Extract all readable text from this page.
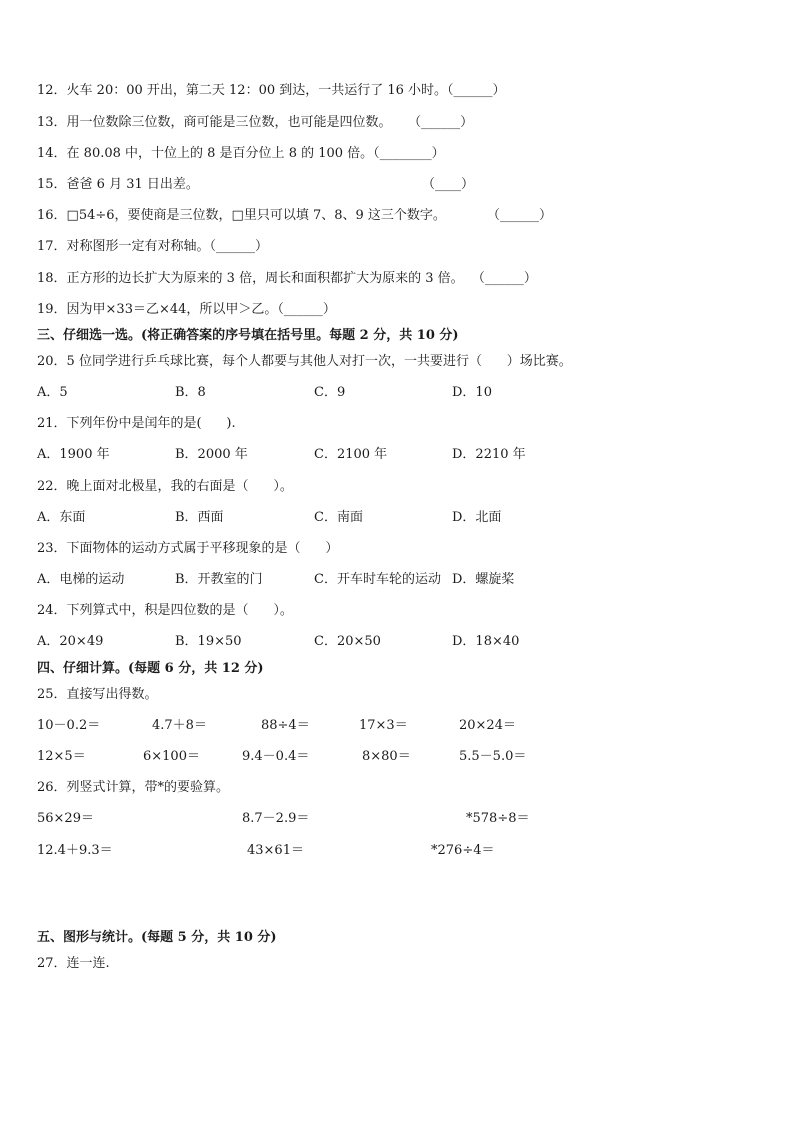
12．火车 20：00 开出，第二天 12：00 到达，一共运行了 16 小时。（______）
13．用一位数除三位数，商可能是三位数，也可能是四位数。    （______）
14．在 80.08 中，十位上的 8 是百分位上 8 的 100 倍。（________）
15．爸爸 6 月 31 日出差。	（____）
16．□54÷6，要使商是三位数，□里只可以填 7、8、9 这三个数字。	（______）
17．对称图形一定有对称轴。（______）
18．正方形的边长扩大为原来的 3 倍，周长和面积都扩大为原来的 3 倍。  （______）
19．因为甲×33＝乙×44，所以甲＞乙。（______）
三、仔细选一选。(将正确答案的序号填在括号里。每题 2 分，共 10 分)
20．5 位同学进行乒乓球比赛，每个人都要与其他人对打一次，一共要进行（      ）场比赛。
A．5	B．8	C．9	D．10
21．下列年份中是闰年的是(      ).
A．1900 年	B．2000 年	C．2100 年	D．2210 年
22．晚上面对北极星，我的右面是（      ）。
A．东面	B．西面	C．南面	D．北面
23．下面物体的运动方式属于平移现象的是（      ）
A．电梯的运动	B．开教室的门	C．开车时车轮的运动 D．螺旋桨
24．下列算式中，积是四位数的是（      ）。
A．20×49	B．19×50	C．20×50	D．18×40
四、仔细计算。(每题 6 分，共 12 分)
25．直接写出得数。
10－0.2＝	4.7＋8＝	88÷4＝	17×3＝	20×24＝
12×5＝	6×100＝	9.4－0.4＝	8×80＝	5.5－5.0＝
26．列竖式计算，带*的要验算。
56×29＝	8.7－2.9＝	*578÷8＝
12.4＋9.3＝	43×61＝	*276÷4＝
五、图形与统计。(每题 5 分，共 10 分)
27．连一连.
